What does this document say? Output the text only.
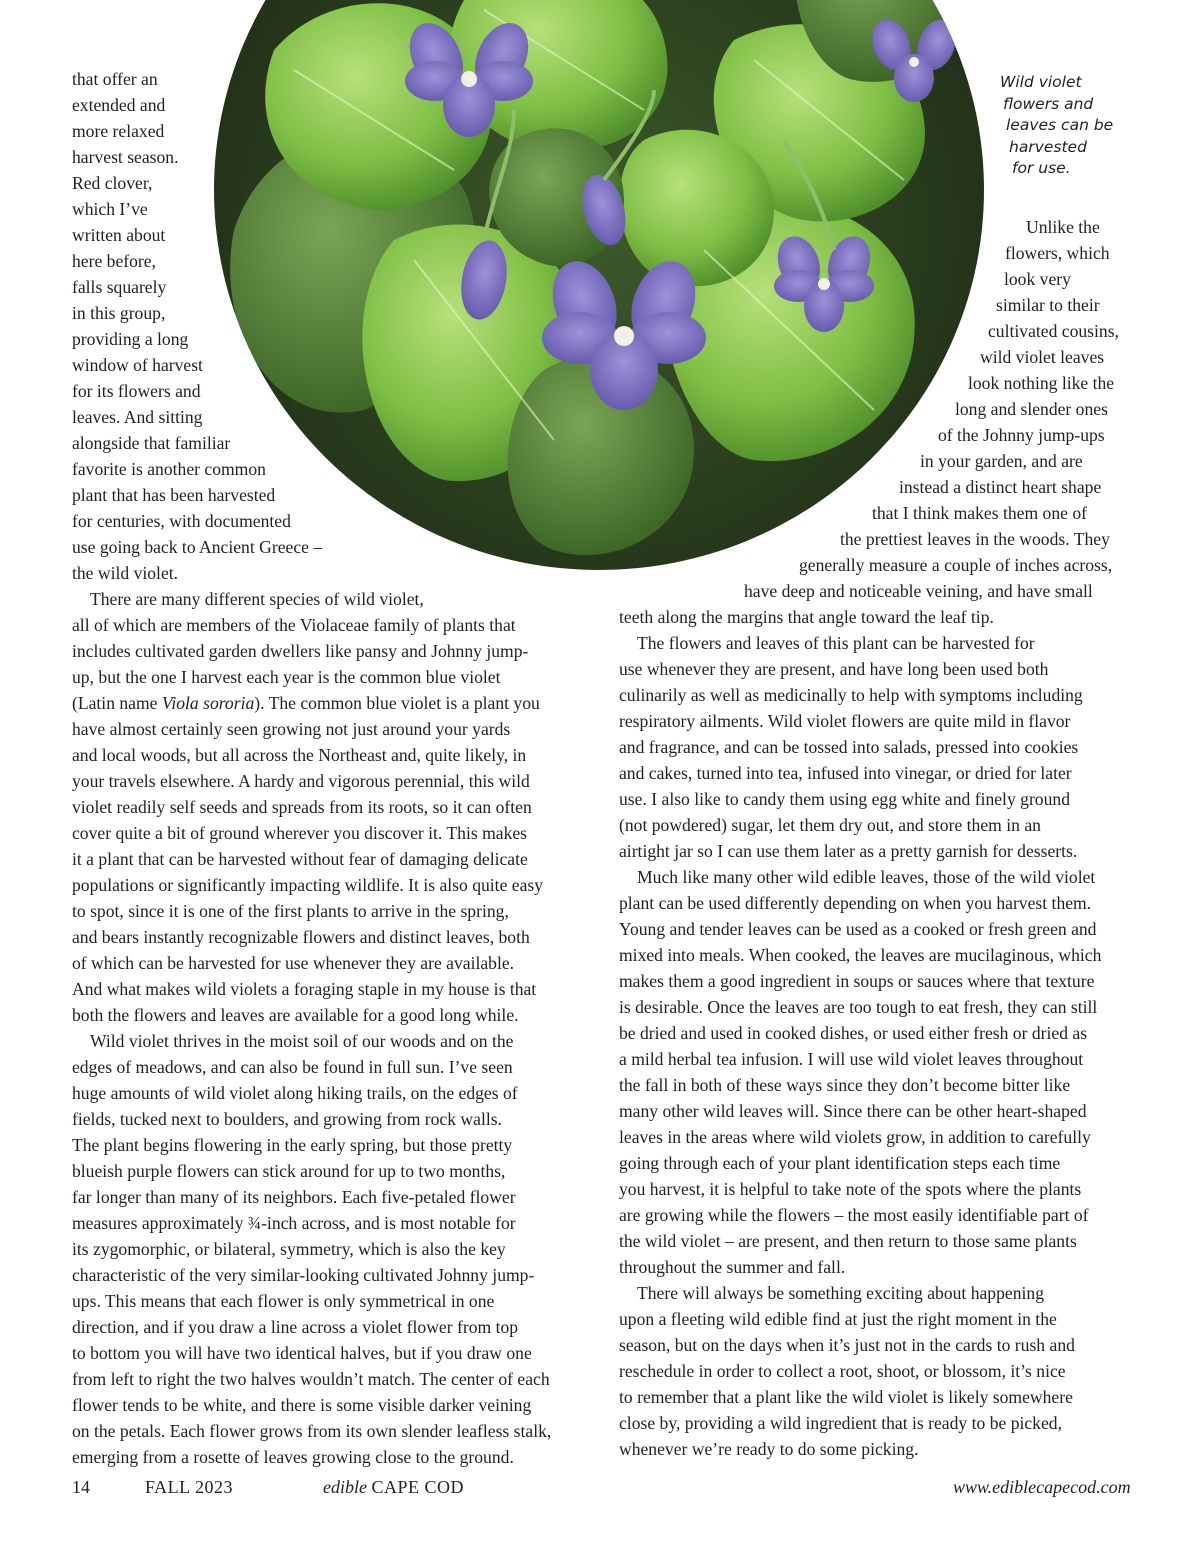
Wild violet
flowers and
leaves can be
harvested
for use.
that offer an
extended and
more relaxed
harvest season.
Red clover,
which I’ve
written about
here before,
falls squarely
in this group,
providing a long
window of harvest
for its flowers and
leaves. And sitting
alongside that familiar
favorite is another common
plant that has been harvested
for centuries, with documented
use going back to Ancient Greece –
the wild violet.
There are many different species of wild violet,
all of which are members of the Violaceae family of plants that
includes cultivated garden dwellers like pansy and Johnny jump-
up, but the one I harvest each year is the common blue violet
(Latin name Viola sororia). The common blue violet is a plant you
have almost certainly seen growing not just around your yards
and local woods, but all across the Northeast and, quite likely, in
your travels elsewhere. A hardy and vigorous perennial, this wild
violet readily self seeds and spreads from its roots, so it can often
cover quite a bit of ground wherever you discover it. This makes
it a plant that can be harvested without fear of damaging delicate
populations or significantly impacting wildlife. It is also quite easy
to spot, since it is one of the first plants to arrive in the spring,
and bears instantly recognizable flowers and distinct leaves, both
of which can be harvested for use whenever they are available.
And what makes wild violets a foraging staple in my house is that
both the flowers and leaves are available for a good long while.
Wild violet thrives in the moist soil of our woods and on the
edges of meadows, and can also be found in full sun. I’ve seen
huge amounts of wild violet along hiking trails, on the edges of
fields, tucked next to boulders, and growing from rock walls.
The plant begins flowering in the early spring, but those pretty
blueish purple flowers can stick around for up to two months,
far longer than many of its neighbors. Each five-petaled flower
measures approximately ¾-inch across, and is most notable for
its zygomorphic, or bilateral, symmetry, which is also the key
characteristic of the very similar-looking cultivated Johnny jump-
ups. This means that each flower is only symmetrical in one
direction, and if you draw a line across a violet flower from top
to bottom you will have two identical halves, but if you draw one
from left to right the two halves wouldn’t match. The center of each
flower tends to be white, and there is some visible darker veining
on the petals. Each flower grows from its own slender leafless stalk,
emerging from a rosette of leaves growing close to the ground.
Unlike the
flowers, which
look very
similar to their
cultivated cousins,
wild violet leaves
look nothing like the
long and slender ones
of the Johnny jump-ups
in your garden, and are
instead a distinct heart shape
that I think makes them one of
the prettiest leaves in the woods. They
generally measure a couple of inches across,
have deep and noticeable veining, and have small
teeth along the margins that angle toward the leaf tip.
The flowers and leaves of this plant can be harvested for
use whenever they are present, and have long been used both
culinarily as well as medicinally to help with symptoms including
respiratory ailments. Wild violet flowers are quite mild in flavor
and fragrance, and can be tossed into salads, pressed into cookies
and cakes, turned into tea, infused into vinegar, or dried for later
use. I also like to candy them using egg white and finely ground
(not powdered) sugar, let them dry out, and store them in an
airtight jar so I can use them later as a pretty garnish for desserts.
Much like many other wild edible leaves, those of the wild violet
plant can be used differently depending on when you harvest them.
Young and tender leaves can be used as a cooked or fresh green and
mixed into meals. When cooked, the leaves are mucilaginous, which
makes them a good ingredient in soups or sauces where that texture
is desirable. Once the leaves are too tough to eat fresh, they can still
be dried and used in cooked dishes, or used either fresh or dried as
a mild herbal tea infusion. I will use wild violet leaves throughout
the fall in both of these ways since they don’t become bitter like
many other wild leaves will. Since there can be other heart-shaped
leaves in the areas where wild violets grow, in addition to carefully
going through each of your plant identification steps each time
you harvest, it is helpful to take note of the spots where the plants
are growing while the flowers – the most easily identifiable part of
the wild violet – are present, and then return to those same plants
throughout the summer and fall.
There will always be something exciting about happening
upon a fleeting wild edible find at just the right moment in the
season, but on the days when it’s just not in the cards to rush and
reschedule in order to collect a root, shoot, or blossom, it’s nice
to remember that a plant like the wild violet is likely somewhere
close by, providing a wild ingredient that is ready to be picked,
whenever we’re ready to do some picking.
14	FALL 2023	edible CAPE COD	www.ediblecapecod.com
